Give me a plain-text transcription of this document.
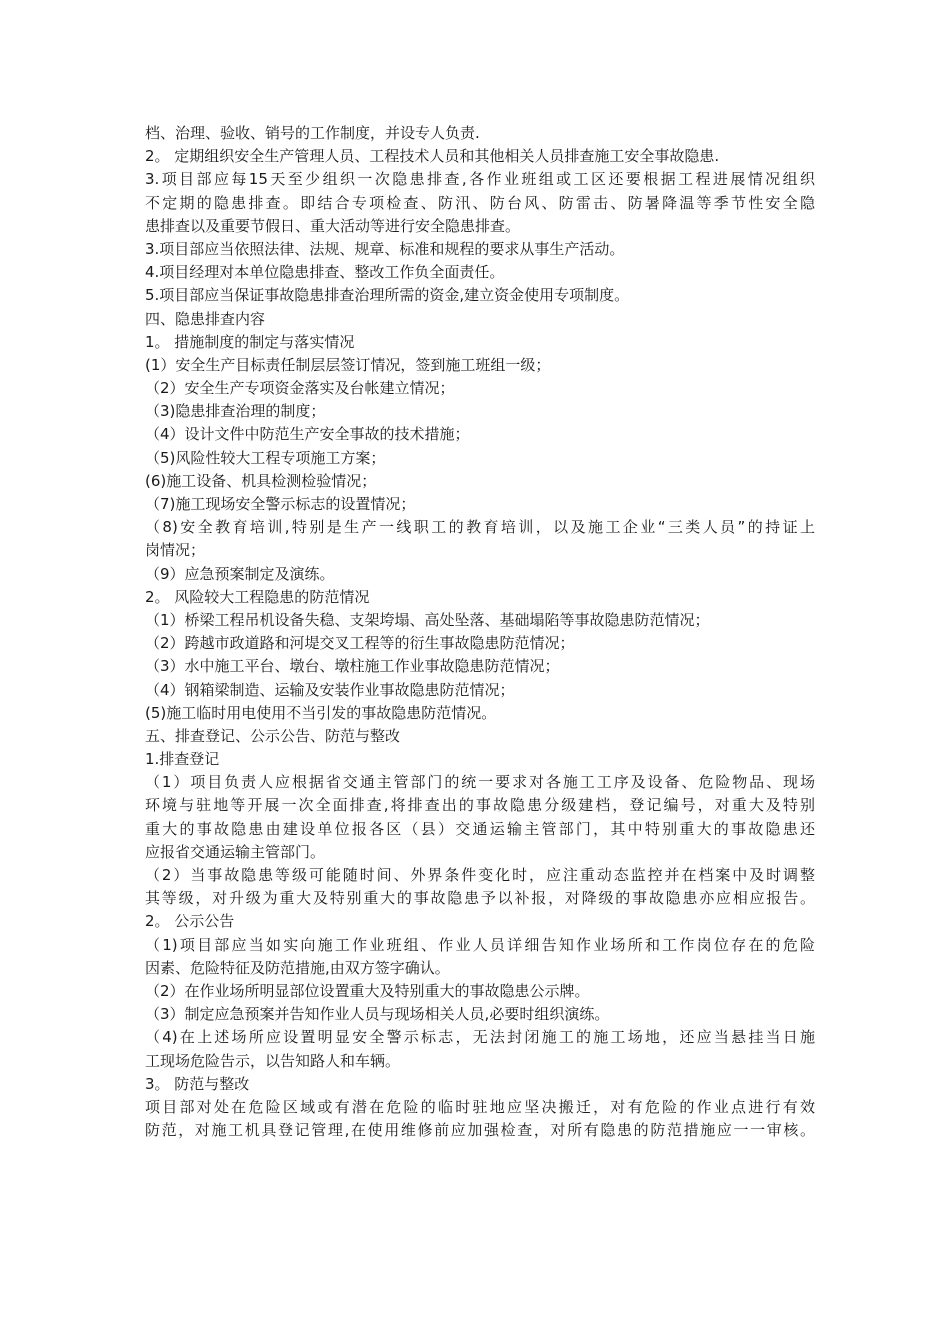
档、治理、验收、销号的工作制度，并设专人负责.
2。 定期组织安全生产管理人员、工程技术人员和其他相关人员排查施工安全事故隐患.
3.项目部应每15天至少组织一次隐患排查,各作业班组或工区还要根据工程进展情况组织
不定期的隐患排查。即结合专项检查、防汛、防台风、防雷击、防暑降温等季节性安全隐
患排查以及重要节假日、重大活动等进行安全隐患排查。
3.项目部应当依照法律、法规、规章、标准和规程的要求从事生产活动。
4.项目经理对本单位隐患排查、整改工作负全面责任。
5.项目部应当保证事故隐患排查治理所需的资金,建立资金使用专项制度。
四、隐患排查内容
1。 措施制度的制定与落实情况
(1）安全生产目标责任制层层签订情况，签到施工班组一级；
（2）安全生产专项资金落实及台帐建立情况；
（3)隐患排查治理的制度；
（4）设计文件中防范生产安全事故的技术措施；
（5)风险性较大工程专项施工方案；
(6)施工设备、机具检测检验情况；
（7)施工现场安全警示标志的设置情况；
（8)安全教育培训,特别是生产一线职工的教育培训，以及施工企业“三类人员”的持证上
岗情况；
（9）应急预案制定及演练。
2。 风险较大工程隐患的防范情况
（1）桥梁工程吊机设备失稳、支架垮塌、高处坠落、基础塌陷等事故隐患防范情况；
（2）跨越市政道路和河堤交叉工程等的衍生事故隐患防范情况；
（3）水中施工平台、墩台、墩柱施工作业事故隐患防范情况；
（4）钢箱梁制造、运输及安装作业事故隐患防范情况；
(5)施工临时用电使用不当引发的事故隐患防范情况。
五、排查登记、公示公告、防范与整改
1.排查登记
（1）项目负责人应根据省交通主管部门的统一要求对各施工工序及设备、危险物品、现场
环境与驻地等开展一次全面排查,将排查出的事故隐患分级建档，登记编号，对重大及特别
重大的事故隐患由建设单位报各区（县）交通运输主管部门，其中特别重大的事故隐患还
应报省交通运输主管部门。
（2）当事故隐患等级可能随时间、外界条件变化时，应注重动态监控并在档案中及时调整
其等级，对升级为重大及特别重大的事故隐患予以补报，对降级的事故隐患亦应相应报告。
2。 公示公告
（1)项目部应当如实向施工作业班组、作业人员详细告知作业场所和工作岗位存在的危险
因素、危险特征及防范措施,由双方签字确认。
（2）在作业场所明显部位设置重大及特别重大的事故隐患公示牌。
（3）制定应急预案并告知作业人员与现场相关人员,必要时组织演练。
（4)在上述场所应设置明显安全警示标志，无法封闭施工的施工场地，还应当悬挂当日施
工现场危险告示，以告知路人和车辆。
3。 防范与整改
项目部对处在危险区域或有潜在危险的临时驻地应坚决搬迁，对有危险的作业点进行有效
防范，对施工机具登记管理,在使用维修前应加强检查，对所有隐患的防范措施应一一审核。
